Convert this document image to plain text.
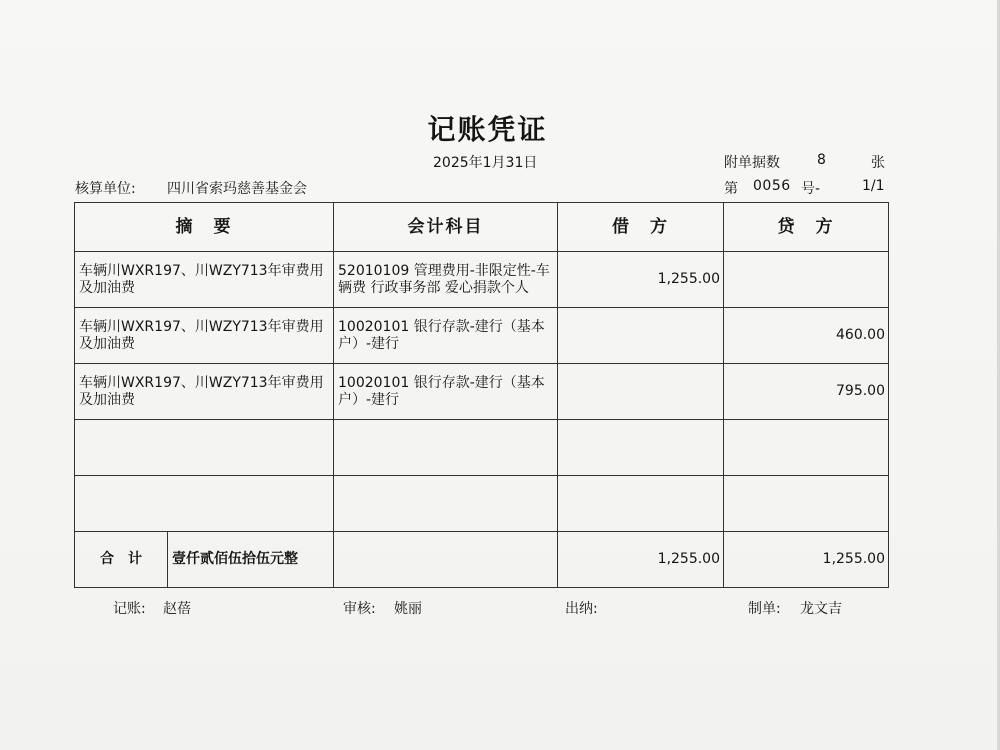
记账凭证
2025年1月31日	附单据数	8	张
核算单位: 四川省索玛慈善基金会	第 0056 号-	1/1
摘　要	会计科目	借　方	贷　方
车辆川WXR197、川WZY713年审费用及加油费	52010109 管理费用-非限定性-车辆费 行政事务部 爱心捐款个人	1,255.00	
车辆川WXR197、川WZY713年审费用及加油费	10020101 银行存款-建行（基本户）-建行		460.00
车辆川WXR197、川WZY713年审费用及加油费	10020101 银行存款-建行（基本户）-建行		795.00

合计 壹仟贰佰伍拾伍元整		1,255.00	1,255.00
记账: 赵蓓	审核: 姚丽	出纳:	制单: 龙文吉
